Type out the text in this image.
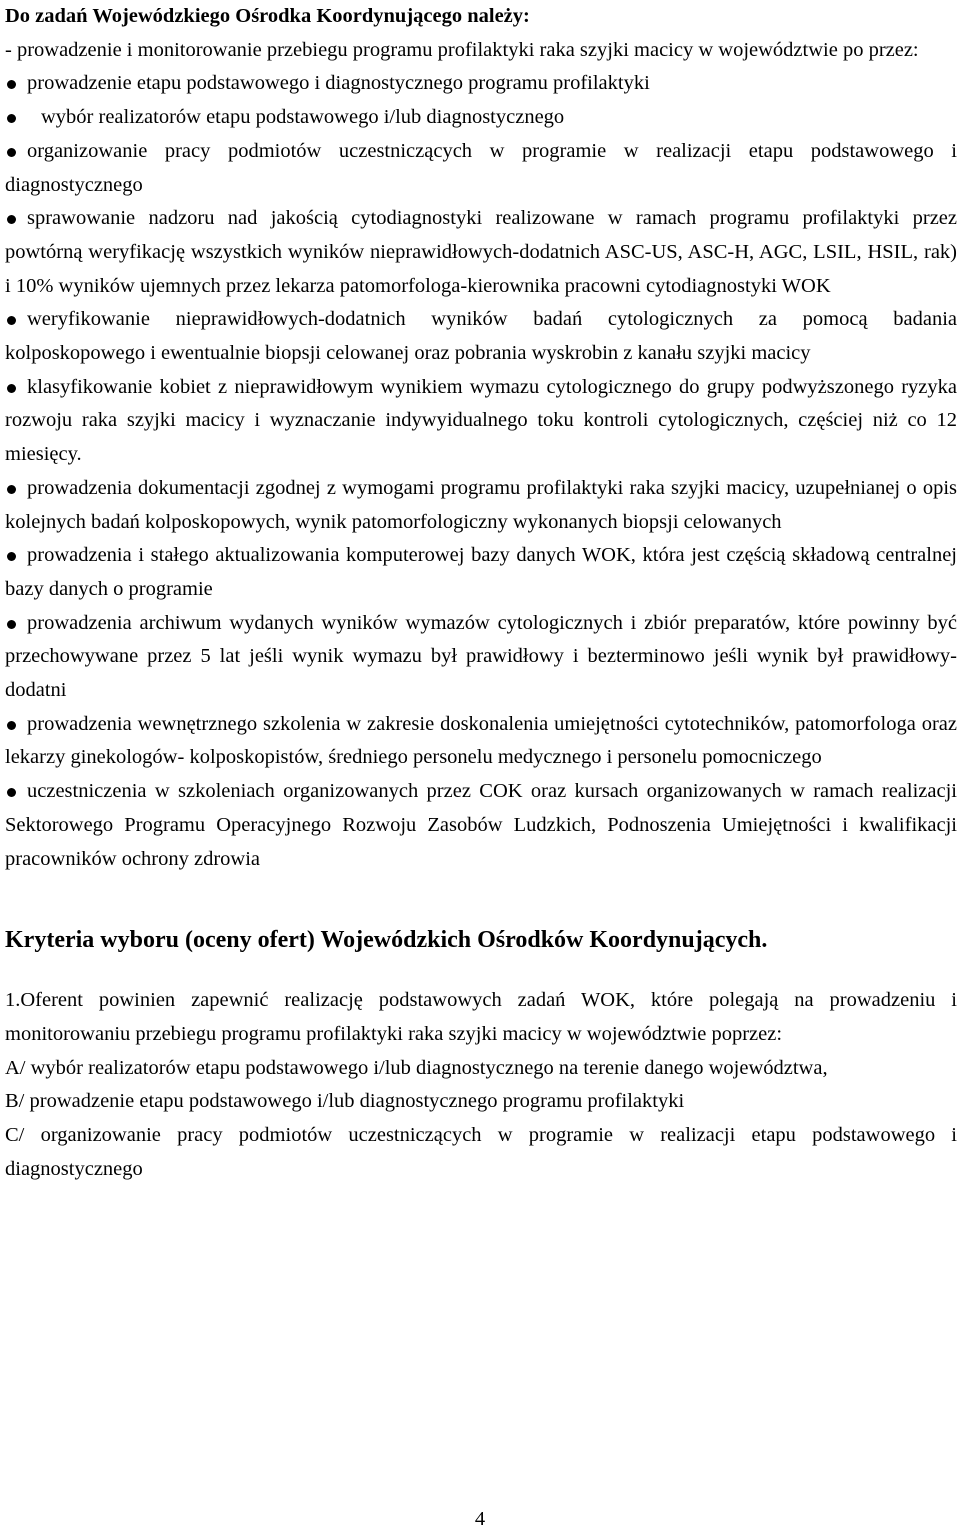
Do zadań Wojewódzkiego Ośrodka Koordynującego należy:

- prowadzenie i monitorowanie przebiegu programu profilaktyki raka szyjki macicy w województwie po przez:

prowadzenie etapu podstawowego i diagnostycznego programu profilaktyki
wybór realizatorów etapu podstawowego i/lub diagnostycznego
organizowanie pracy podmiotów uczestniczących w programie w realizacji etapu podstawowego i diagnostycznego
sprawowanie nadzoru nad jakością cytodiagnostyki realizowane w ramach programu profilaktyki przez powtórną weryfikację wszystkich wyników nieprawidłowych-dodatnich ASC-US, ASC-H, AGC, LSIL, HSIL, rak) i 10% wyników ujemnych przez lekarza patomorfologa-kierownika pracowni cytodiagnostyki WOK
weryfikowanie nieprawidłowych-dodatnich wyników badań cytologicznych za pomocą badania kolposkopowego i ewentualnie biopsji celowanej oraz pobrania wyskrobin z kanału szyjki macicy
klasyfikowanie kobiet z nieprawidłowym wynikiem wymazu cytologicznego do grupy podwyższonego ryzyka rozwoju raka szyjki macicy i wyznaczanie indywyidualnego toku kontroli cytologicznych, częściej niż co 12 miesięcy.
prowadzenia dokumentacji zgodnej z wymogami programu profilaktyki raka szyjki macicy, uzupełnianej o opis kolejnych badań kolposkopowych, wynik patomorfologiczny wykonanych biopsji celowanych
prowadzenia i stałego aktualizowania komputerowej bazy danych WOK, która jest częścią składową centralnej bazy danych o programie
prowadzenia archiwum wydanych wyników wymazów cytologicznych i zbiór preparatów, które powinny być przechowywane przez 5 lat jeśli wynik wymazu był prawidłowy i bezterminowo jeśli wynik był prawidłowy-dodatni
prowadzenia wewnętrznego szkolenia w zakresie doskonalenia umiejętności cytotechników, patomorfologa oraz lekarzy ginekologów- kolposkopistów, średniego personelu medycznego i personelu pomocniczego
uczestniczenia w szkoleniach organizowanych przez COK oraz kursach organizowanych w ramach realizacji Sektorowego Programu Operacyjnego Rozwoju Zasobów Ludzkich, Podnoszenia Umiejętności i kwalifikacji pracowników ochrony zdrowia

Kryteria wyboru (oceny ofert) Wojewódzkich Ośrodków Koordynujących.

1.Oferent powinien zapewnić realizację podstawowych zadań WOK, które polegają na prowadzeniu i monitorowaniu przebiegu programu profilaktyki raka szyjki macicy w województwie poprzez:

A/ wybór realizatorów etapu podstawowego i/lub diagnostycznego na terenie danego województwa,

B/ prowadzenie etapu podstawowego i/lub diagnostycznego programu profilaktyki

C/ organizowanie pracy podmiotów uczestniczących w programie w realizacji etapu podstawowego i diagnostycznego

4
